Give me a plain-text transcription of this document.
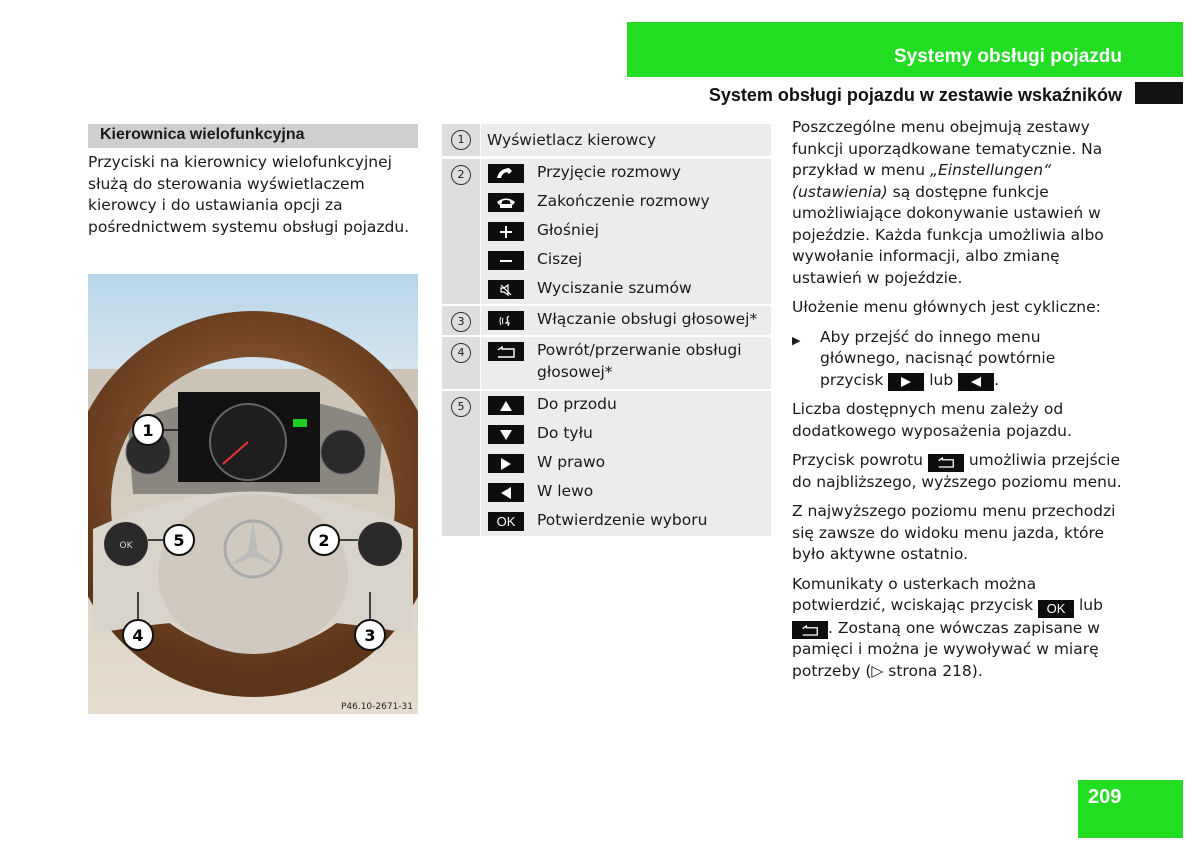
Systemy obsługi pojazdu
System obsługi pojazdu w zestawie wskaźników
Kierownica wielofunkcyjna
Przyciski na kierownicy wielofunkcyjnej służą do sterowania wyświetlaczem kierowcy i do ustawiania opcji za pośrednictwem systemu obsługi pojazdu.
OK
1
5	2
4	3
P46.10-2671-31
1	Wyświetlacz kierowcy
2	Przyjęcie rozmowy
Zakończenie rozmowy
Głośniej
Ciszej
Wyciszanie szumów
3	Włączanie obsługi głosowej*
4	Powrót/przerwanie obsługi głosowej*
5	Do przodu
Do tyłu
W prawo
W lewo
OK	Potwierdzenie wyboru

Poszczególne menu obejmują zestawy funkcji uporządkowane tematycznie. Na przykład w menu „Einstellungen“ (ustawienia) są dostępne funkcje umożliwiające dokonywanie ustawień w pojeździe. Każda funkcja umożliwia albo wywołanie informacji, albo zmianę ustawień w pojeździe.

Ułożenie menu głównych jest cykliczne:

▶	Aby przejść do innego menu głównego, nacisnąć powtórnie przycisk
lub
.

Liczba dostępnych menu zależy od dodatkowego wyposażenia pojazdu.

Przycisk powrotu
umożliwia przejście do najbliższego, wyższego poziomu menu.

Z najwyższego poziomu menu przechodzi się zawsze do widoku menu jazda, które było aktywne ostatnio.

Komunikaty o usterkach można potwierdzić, wciskając przycisk OK lub
. Zostaną one wówczas zapisane w pamięci i można je wywoływać w miarę potrzeby (▷ strona 218).

209
